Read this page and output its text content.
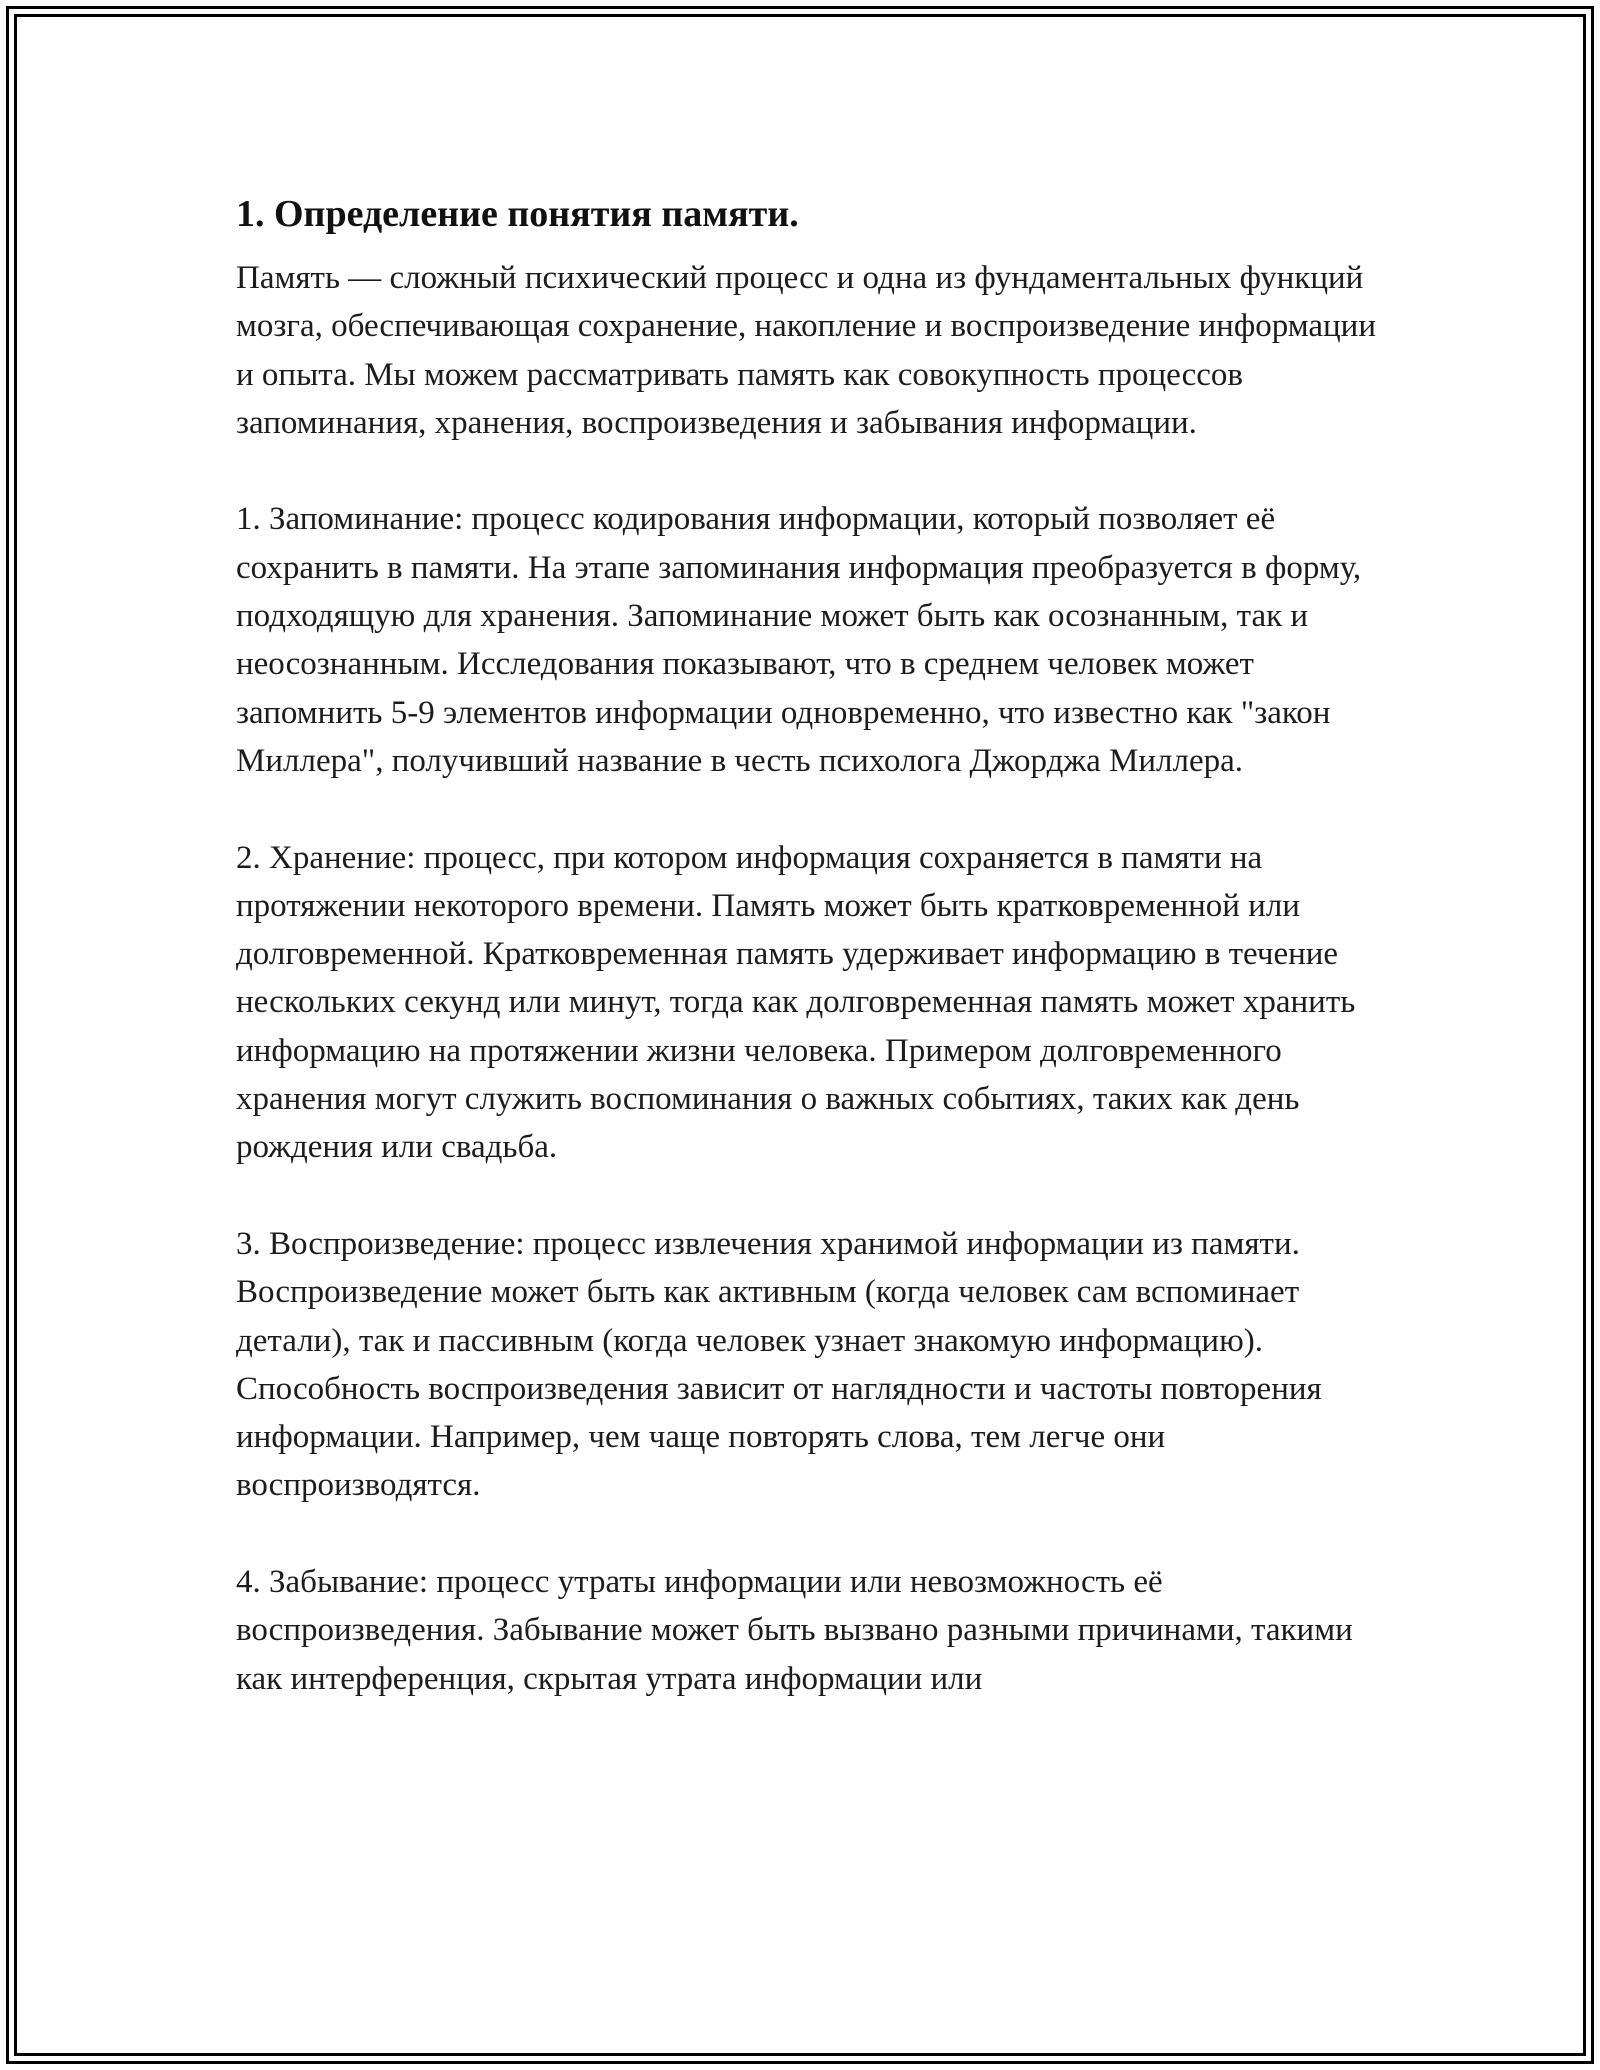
1. Определение понятия памяти.

Память — сложный психический процесс и одна из фундаментальных функций мозга, обеспечивающая сохранение, накопление и воспроизведение информации и опыта. Мы можем рассматривать память как совокупность процессов запоминания, хранения, воспроизведения и забывания информации.

1. Запоминание: процесс кодирования информации, который позволяет её сохранить в памяти. На этапе запоминания информация преобразуется в форму, подходящую для хранения. Запоминание может быть как осознанным, так и неосознанным. Исследования показывают, что в среднем человек может запомнить 5-9 элементов информации одновременно, что известно как "закон Миллера", получивший название в честь психолога Джорджа Миллера.

2. Хранение: процесс, при котором информация сохраняется в памяти на протяжении некоторого времени. Память может быть кратковременной или долговременной. Кратковременная память удерживает информацию в течение нескольких секунд или минут, тогда как долговременная память может хранить информацию на протяжении жизни человека. Примером долговременного хранения могут служить воспоминания о важных событиях, таких как день рождения или свадьба.

3. Воспроизведение: процесс извлечения хранимой информации из памяти. Воспроизведение может быть как активным (когда человек сам вспоминает детали), так и пассивным (когда человек узнает знакомую информацию). Способность воспроизведения зависит от наглядности и частоты повторения информации. Например, чем чаще повторять слова, тем легче они воспроизводятся.

4. Забывание: процесс утраты информации или невозможность её воспроизведения. Забывание может быть вызвано разными причинами, такими как интерференция, скрытая утрата информации или
